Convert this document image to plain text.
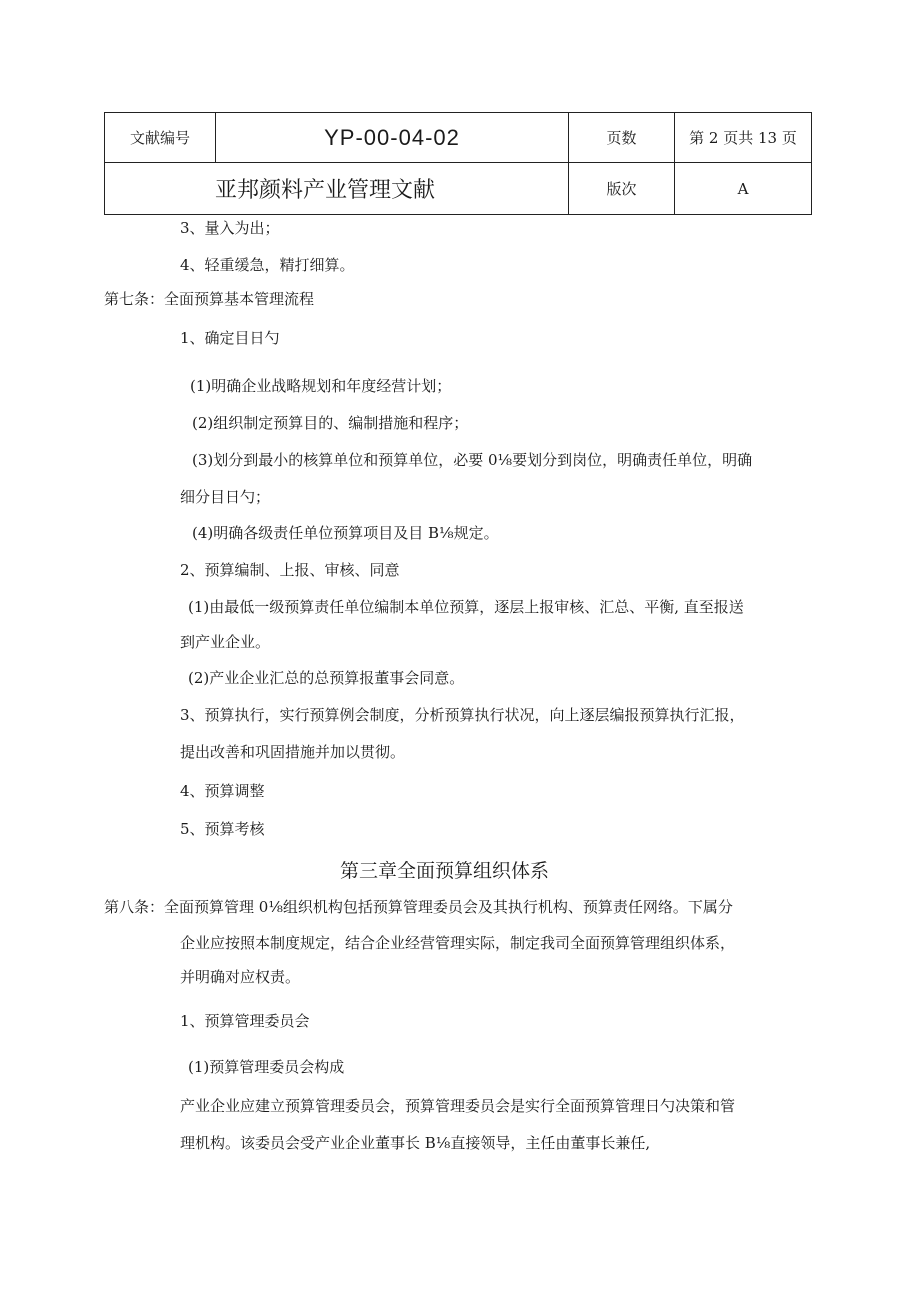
文献编号	YP-00-04-02	页数	第 2 页共 13 页
亚邦颜料产业管理文献		版次	A
3、量入为出；
4、轻重缓急，精打细算。
第七条：全面预算基本管理流程
1、确定目日勺
(1)明确企业战略规划和年度经营计划；
(2)组织制定预算目的、编制措施和程序；
(3)划分到最小的核算单位和预算单位，必要 0⅛要划分到岗位，明确责任单位，明确
细分目日勺；
(4)明确各级责任单位预算项目及目 B⅛规定。
2、预算编制、上报、审核、同意
(1)由最低一级预算责任单位编制本单位预算，逐层上报审核、汇总、平衡, 直至报送
到产业企业。
(2)产业企业汇总的总预算报董事会同意。
3、预算执行，实行预算例会制度，分析预算执行状况，向上逐层编报预算执行汇报，
提出改善和巩固措施并加以贯彻。
4、预算调整
5、预算考核
第三章全面预算组织体系
第八条：全面预算管理 0⅛组织机构包括预算管理委员会及其执行机构、预算责任网络。下属分
企业应按照本制度规定，结合企业经营管理实际，制定我司全面预算管理组织体系，
并明确对应权责。
1、预算管理委员会
(1)预算管理委员会构成
产业企业应建立预算管理委员会，预算管理委员会是实行全面预算管理日勺决策和管
理机构。该委员会受产业企业董事长 B⅛直接领导，主任由董事长兼任,
